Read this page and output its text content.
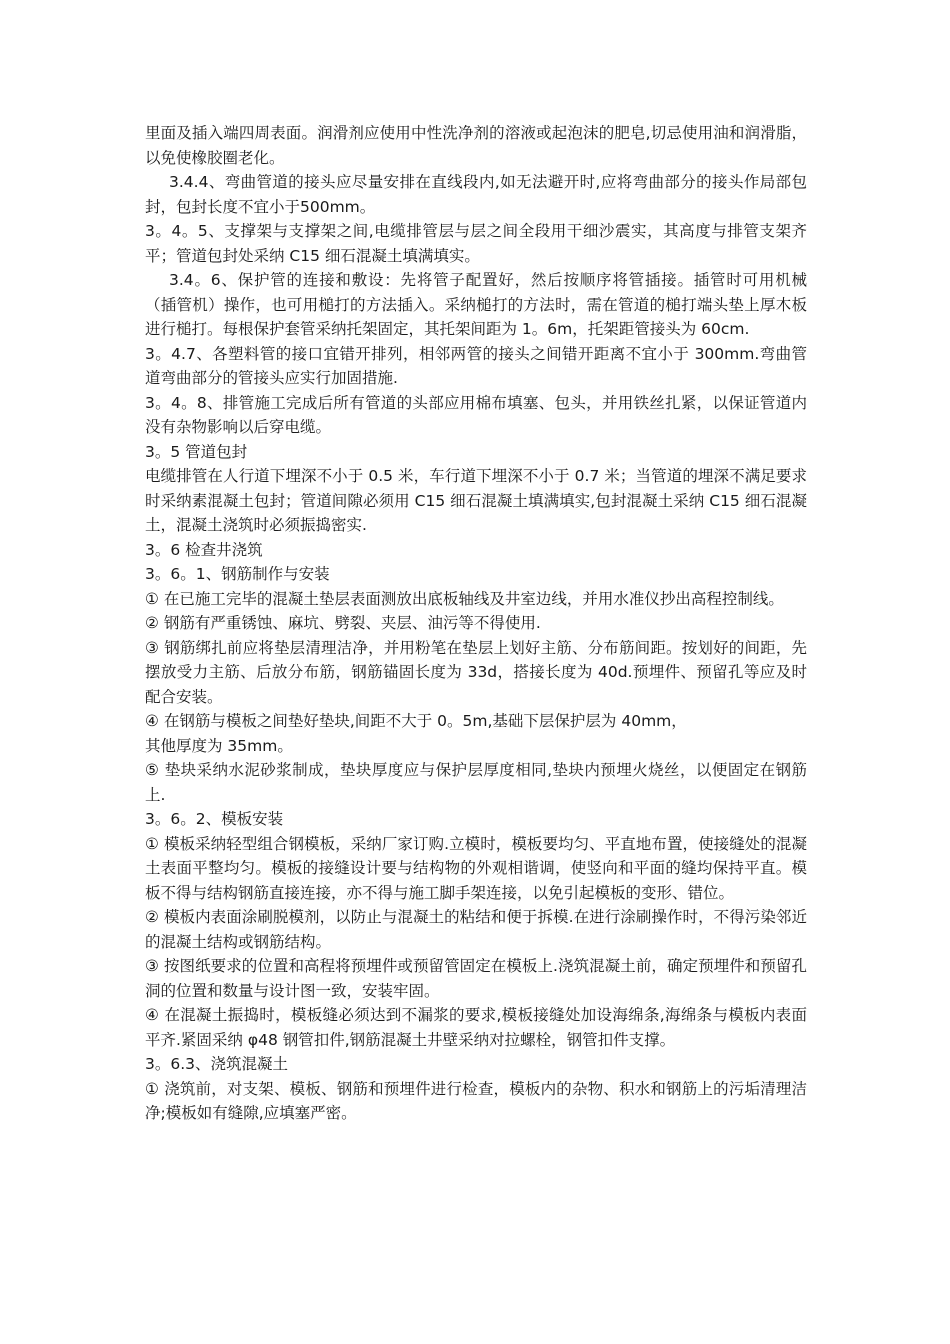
里面及插入端四周表面。润滑剂应使用中性洗净剂的溶液或起泡沫的肥皂,切忌使用油和润滑脂，以免使橡胶圈老化。

3.4.4、弯曲管道的接头应尽量安排在直线段内,如无法避开时,应将弯曲部分的接头作局部包封，包封长度不宜小于500mm。

3。4。5、支撑架与支撑架之间,电缆排管层与层之间全段用干细沙震实，其高度与排管支架齐平；管道包封处采纳 C15 细石混凝土填满填实。

3.4。6、保护管的连接和敷设：先将管子配置好，然后按顺序将管插接。插管时可用机械（插管机）操作，也可用槌打的方法插入。采纳槌打的方法时，需在管道的槌打端头垫上厚木板进行槌打。每根保护套管采纳托架固定，其托架间距为 1。6m，托架距管接头为 60cm.

3。4.7、各塑料管的接口宜错开排列，相邻两管的接头之间错开距离不宜小于 300mm.弯曲管道弯曲部分的管接头应实行加固措施.

3。4。8、排管施工完成后所有管道的头部应用棉布填塞、包头，并用铁丝扎紧，以保证管道内没有杂物影响以后穿电缆。

3。5 管道包封

电缆排管在人行道下埋深不小于 0.5 米，车行道下埋深不小于 0.7 米；当管道的埋深不满足要求时采纳素混凝土包封；管道间隙必须用 C15 细石混凝土填满填实,包封混凝土采纳 C15 细石混凝土，混凝土浇筑时必须振捣密实.

3。6 检查井浇筑

3。6。1、钢筋制作与安装

① 在已施工完毕的混凝土垫层表面测放出底板轴线及井室边线，并用水准仪抄出高程控制线。

② 钢筋有严重锈蚀、麻坑、劈裂、夹层、油污等不得使用.

③ 钢筋绑扎前应将垫层清理洁净，并用粉笔在垫层上划好主筋、分布筋间距。按划好的间距，先摆放受力主筋、后放分布筋，钢筋锚固长度为 33d，搭接长度为 40d.预埋件、预留孔等应及时配合安装。

④ 在钢筋与模板之间垫好垫块,间距不大于 0。5m,基础下层保护层为 40mm，

其他厚度为 35mm。

⑤ 垫块采纳水泥砂浆制成，垫块厚度应与保护层厚度相同,垫块内预埋火烧丝，以便固定在钢筋上.

3。6。2、模板安装

① 模板采纳轻型组合钢模板，采纳厂家订购.立模时，模板要均匀、平直地布置，使接缝处的混凝土表面平整均匀。模板的接缝设计要与结构物的外观相谐调，使竖向和平面的缝均保持平直。模板不得与结构钢筋直接连接，亦不得与施工脚手架连接，以免引起模板的变形、错位。

② 模板内表面涂刷脱模剂，以防止与混凝土的粘结和便于拆模.在进行涂刷操作时，不得污染邻近的混凝土结构或钢筋结构。

③ 按图纸要求的位置和高程将预埋件或预留管固定在模板上.浇筑混凝土前，确定预埋件和预留孔洞的位置和数量与设计图一致，安装牢固。

④ 在混凝土振捣时，模板缝必须达到不漏浆的要求,模板接缝处加设海绵条,海绵条与模板内表面平齐.紧固采纳 φ48 钢管扣件,钢筋混凝土井壁采纳对拉螺栓，钢管扣件支撑。

3。6.3、浇筑混凝土

① 浇筑前，对支架、模板、钢筋和预埋件进行检查，模板内的杂物、积水和钢筋上的污垢清理洁净;模板如有缝隙,应填塞严密。
